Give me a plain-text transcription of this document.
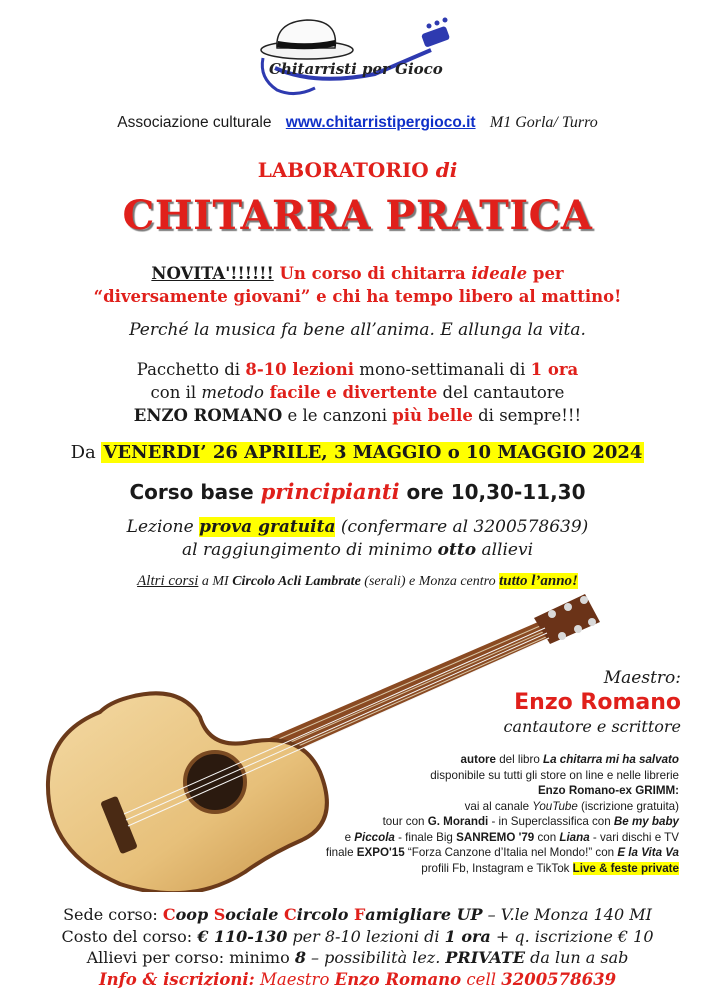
Chitarristi per Gioco
Associazione culturale www.chitarristipergioco.it M1 Gorla/ Turro
LABORATORIO di
CHITARRA PRATICA
NOVITA'!!!!!! Un corso di chitarra ideale per
“diversamente giovani” e chi ha tempo libero al mattino!
Perché la musica fa bene all’anima. E allunga la vita.
Pacchetto di 8-10 lezioni mono-settimanali di 1 ora
con il metodo facile e divertente del cantautore
ENZO ROMANO e le canzoni più belle di sempre!!!
Da VENERDI’ 26 APRILE, 3 MAGGIO o 10 MAGGIO 2024
Corso base principianti ore 10,30-11,30
Lezione prova gratuita (confermare al 3200578639)
al raggiungimento di minimo otto allievi
Altri corsi a MI Circolo Acli Lambrate (serali) e Monza centro tutto l’anno!
Maestro:
Enzo Romano
cantautore e scrittore
autore del libro La chitarra mi ha salvato
disponibile su tutti gli store on line e nelle librerie
Enzo Romano-ex GRIMM:
vai al canale YouTube (iscrizione gratuita)
tour con G. Morandi - in Superclassifica con Be my baby
e Piccola - finale Big SANREMO '79 con Liana - vari dischi e TV
finale EXPO'15 “Forza Canzone d’Italia nel Mondo!” con E la Vita Va
profili Fb, Instagram e TikTok Live & feste private
Sede corso: Coop Sociale Circolo Famigliare UP – V.le Monza 140 MI
Costo del corso: € 110-130 per 8-10 lezioni di 1 ora + q. iscrizione € 10
Allievi per corso: minimo 8 – possibilità lez. PRIVATE da lun a sab
Info & iscrizioni: Maestro Enzo Romano cell 3200578639
